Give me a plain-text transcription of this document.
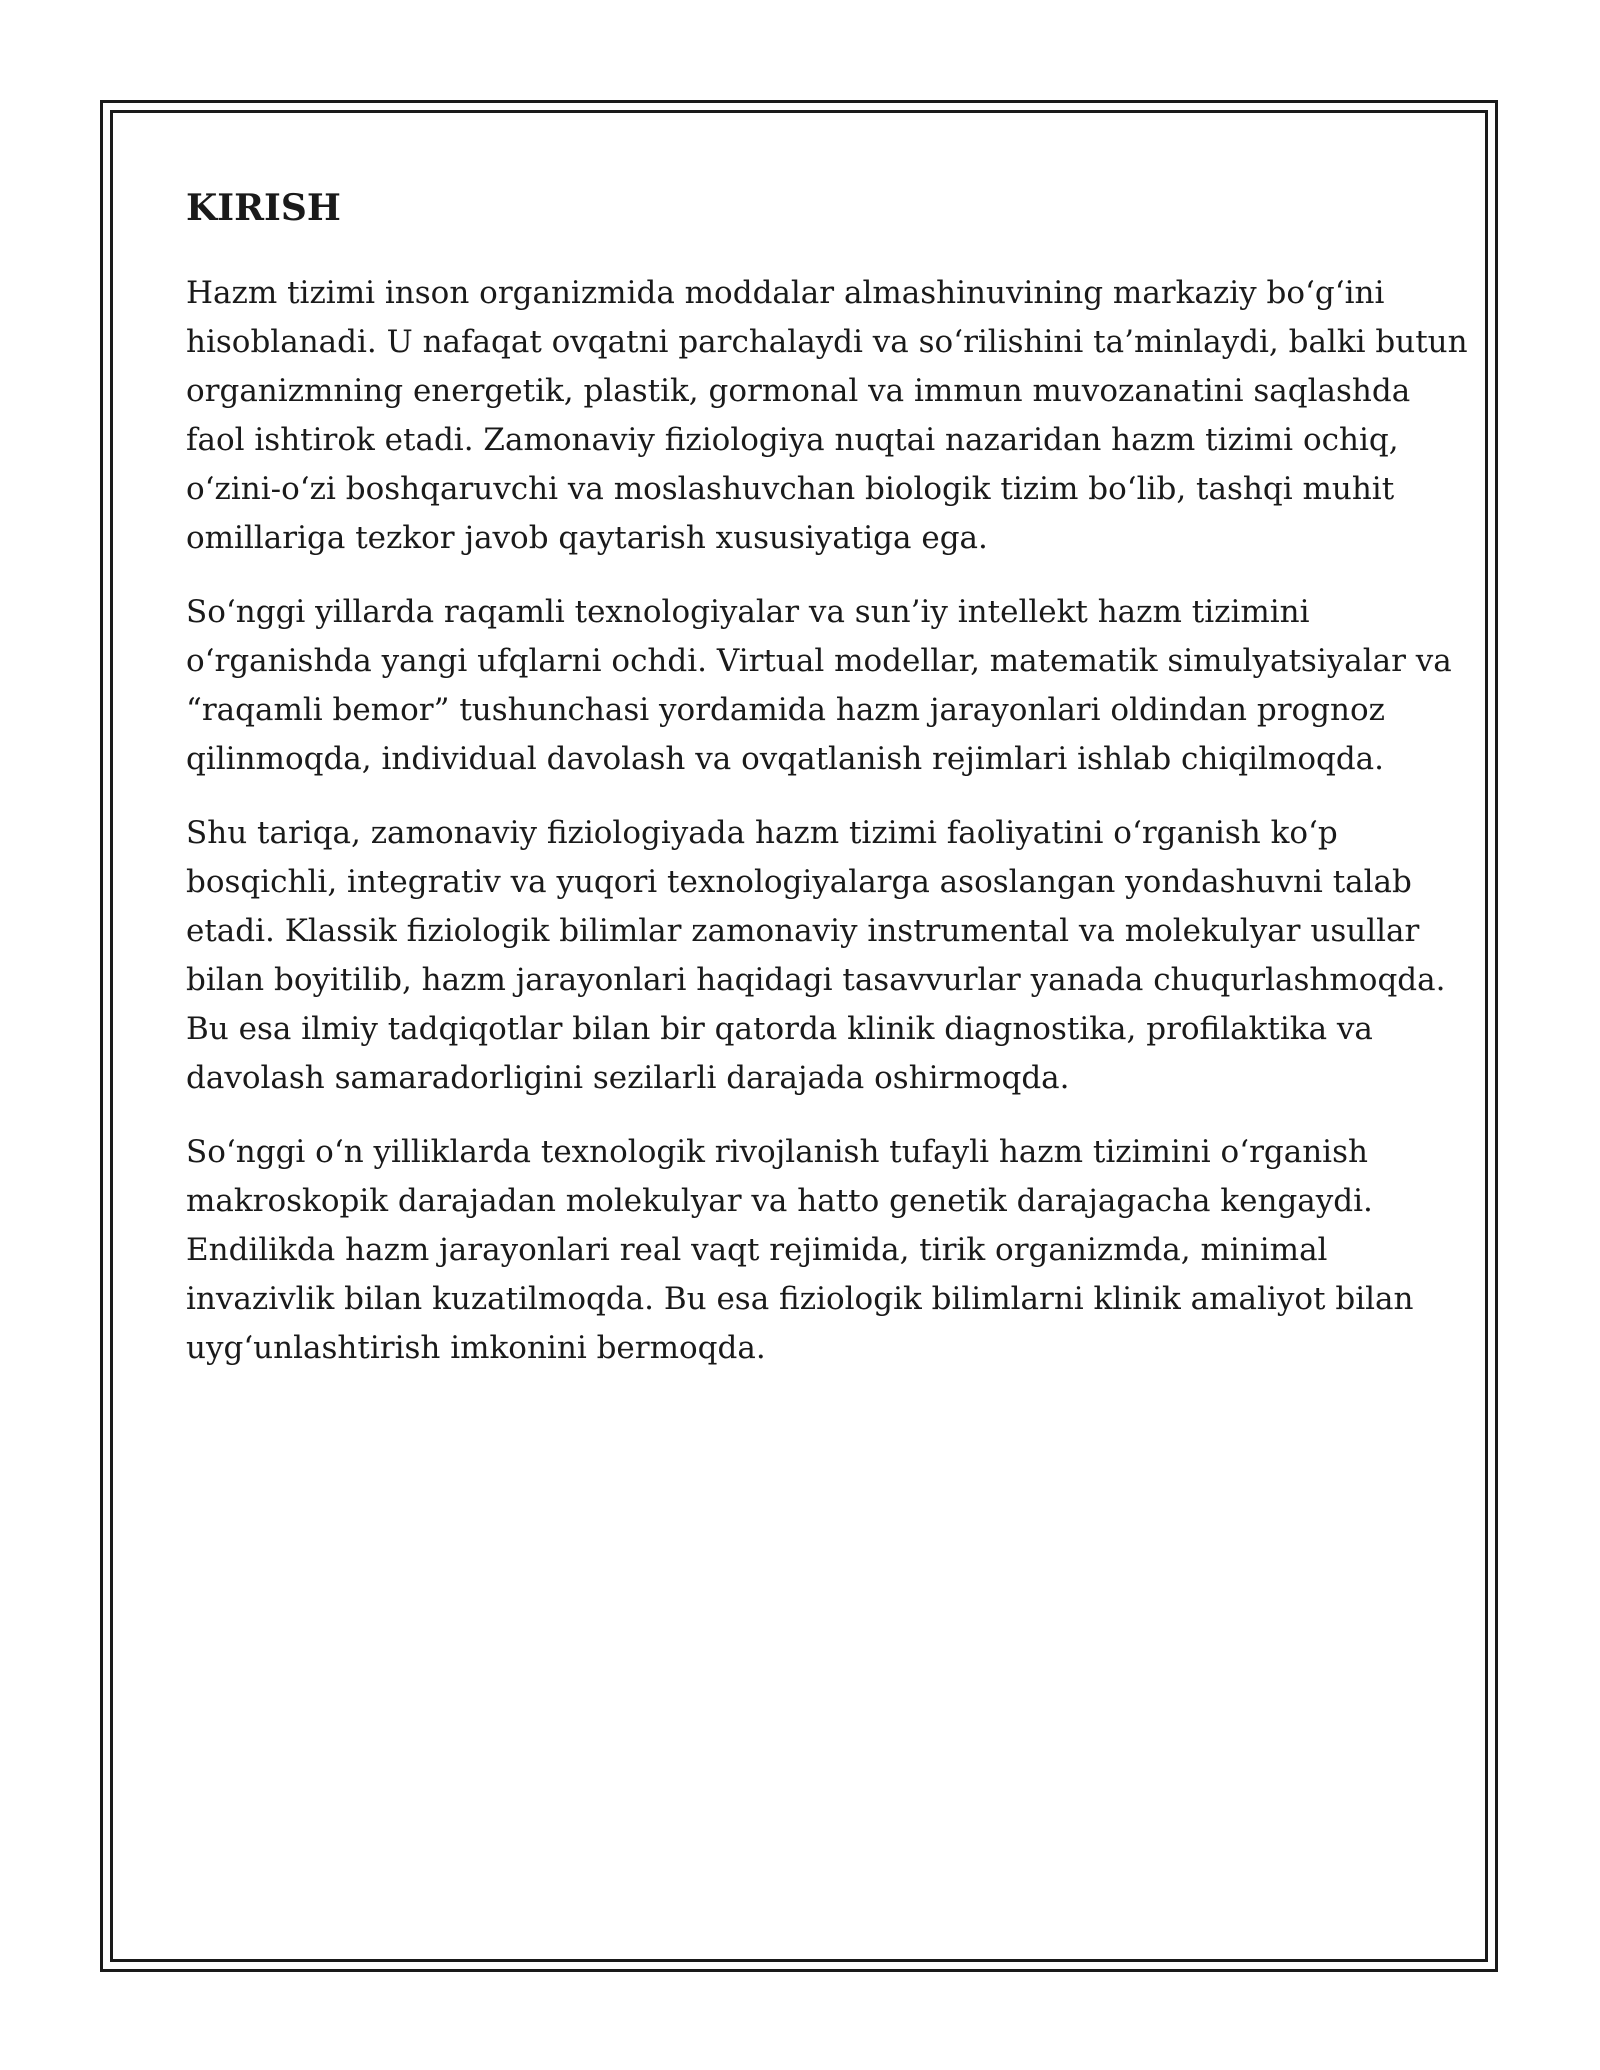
KIRISH

Hazm tizimi inson organizmida moddalar almashinuvining markaziy bo‘g‘ini
hisoblanadi. U nafaqat ovqatni parchalaydi va so‘rilishini ta’minlaydi, balki butun
organizmning energetik, plastik, gormonal va immun muvozanatini saqlashda
faol ishtirok etadi. Zamonaviy fiziologiya nuqtai nazaridan hazm tizimi ochiq,
o‘zini-o‘zi boshqaruvchi va moslashuvchan biologik tizim bo‘lib, tashqi muhit
omillariga tezkor javob qaytarish xususiyatiga ega.

So‘nggi yillarda raqamli texnologiyalar va sun’iy intellekt hazm tizimini
o‘rganishda yangi ufqlarni ochdi. Virtual modellar, matematik simulyatsiyalar va
“raqamli bemor” tushunchasi yordamida hazm jarayonlari oldindan prognoz
qilinmoqda, individual davolash va ovqatlanish rejimlari ishlab chiqilmoqda.

Shu tariqa, zamonaviy fiziologiyada hazm tizimi faoliyatini o‘rganish ko‘p
bosqichli, integrativ va yuqori texnologiyalarga asoslangan yondashuvni talab
etadi. Klassik fiziologik bilimlar zamonaviy instrumental va molekulyar usullar
bilan boyitilib, hazm jarayonlari haqidagi tasavvurlar yanada chuqurlashmoqda.
Bu esa ilmiy tadqiqotlar bilan bir qatorda klinik diagnostika, profilaktika va
davolash samaradorligini sezilarli darajada oshirmoqda.

So‘nggi o‘n yilliklarda texnologik rivojlanish tufayli hazm tizimini o‘rganish
makroskopik darajadan molekulyar va hatto genetik darajagacha kengaydi.
Endilikda hazm jarayonlari real vaqt rejimida, tirik organizmda, minimal
invazivlik bilan kuzatilmoqda. Bu esa fiziologik bilimlarni klinik amaliyot bilan
uyg‘unlashtirish imkonini bermoqda.
